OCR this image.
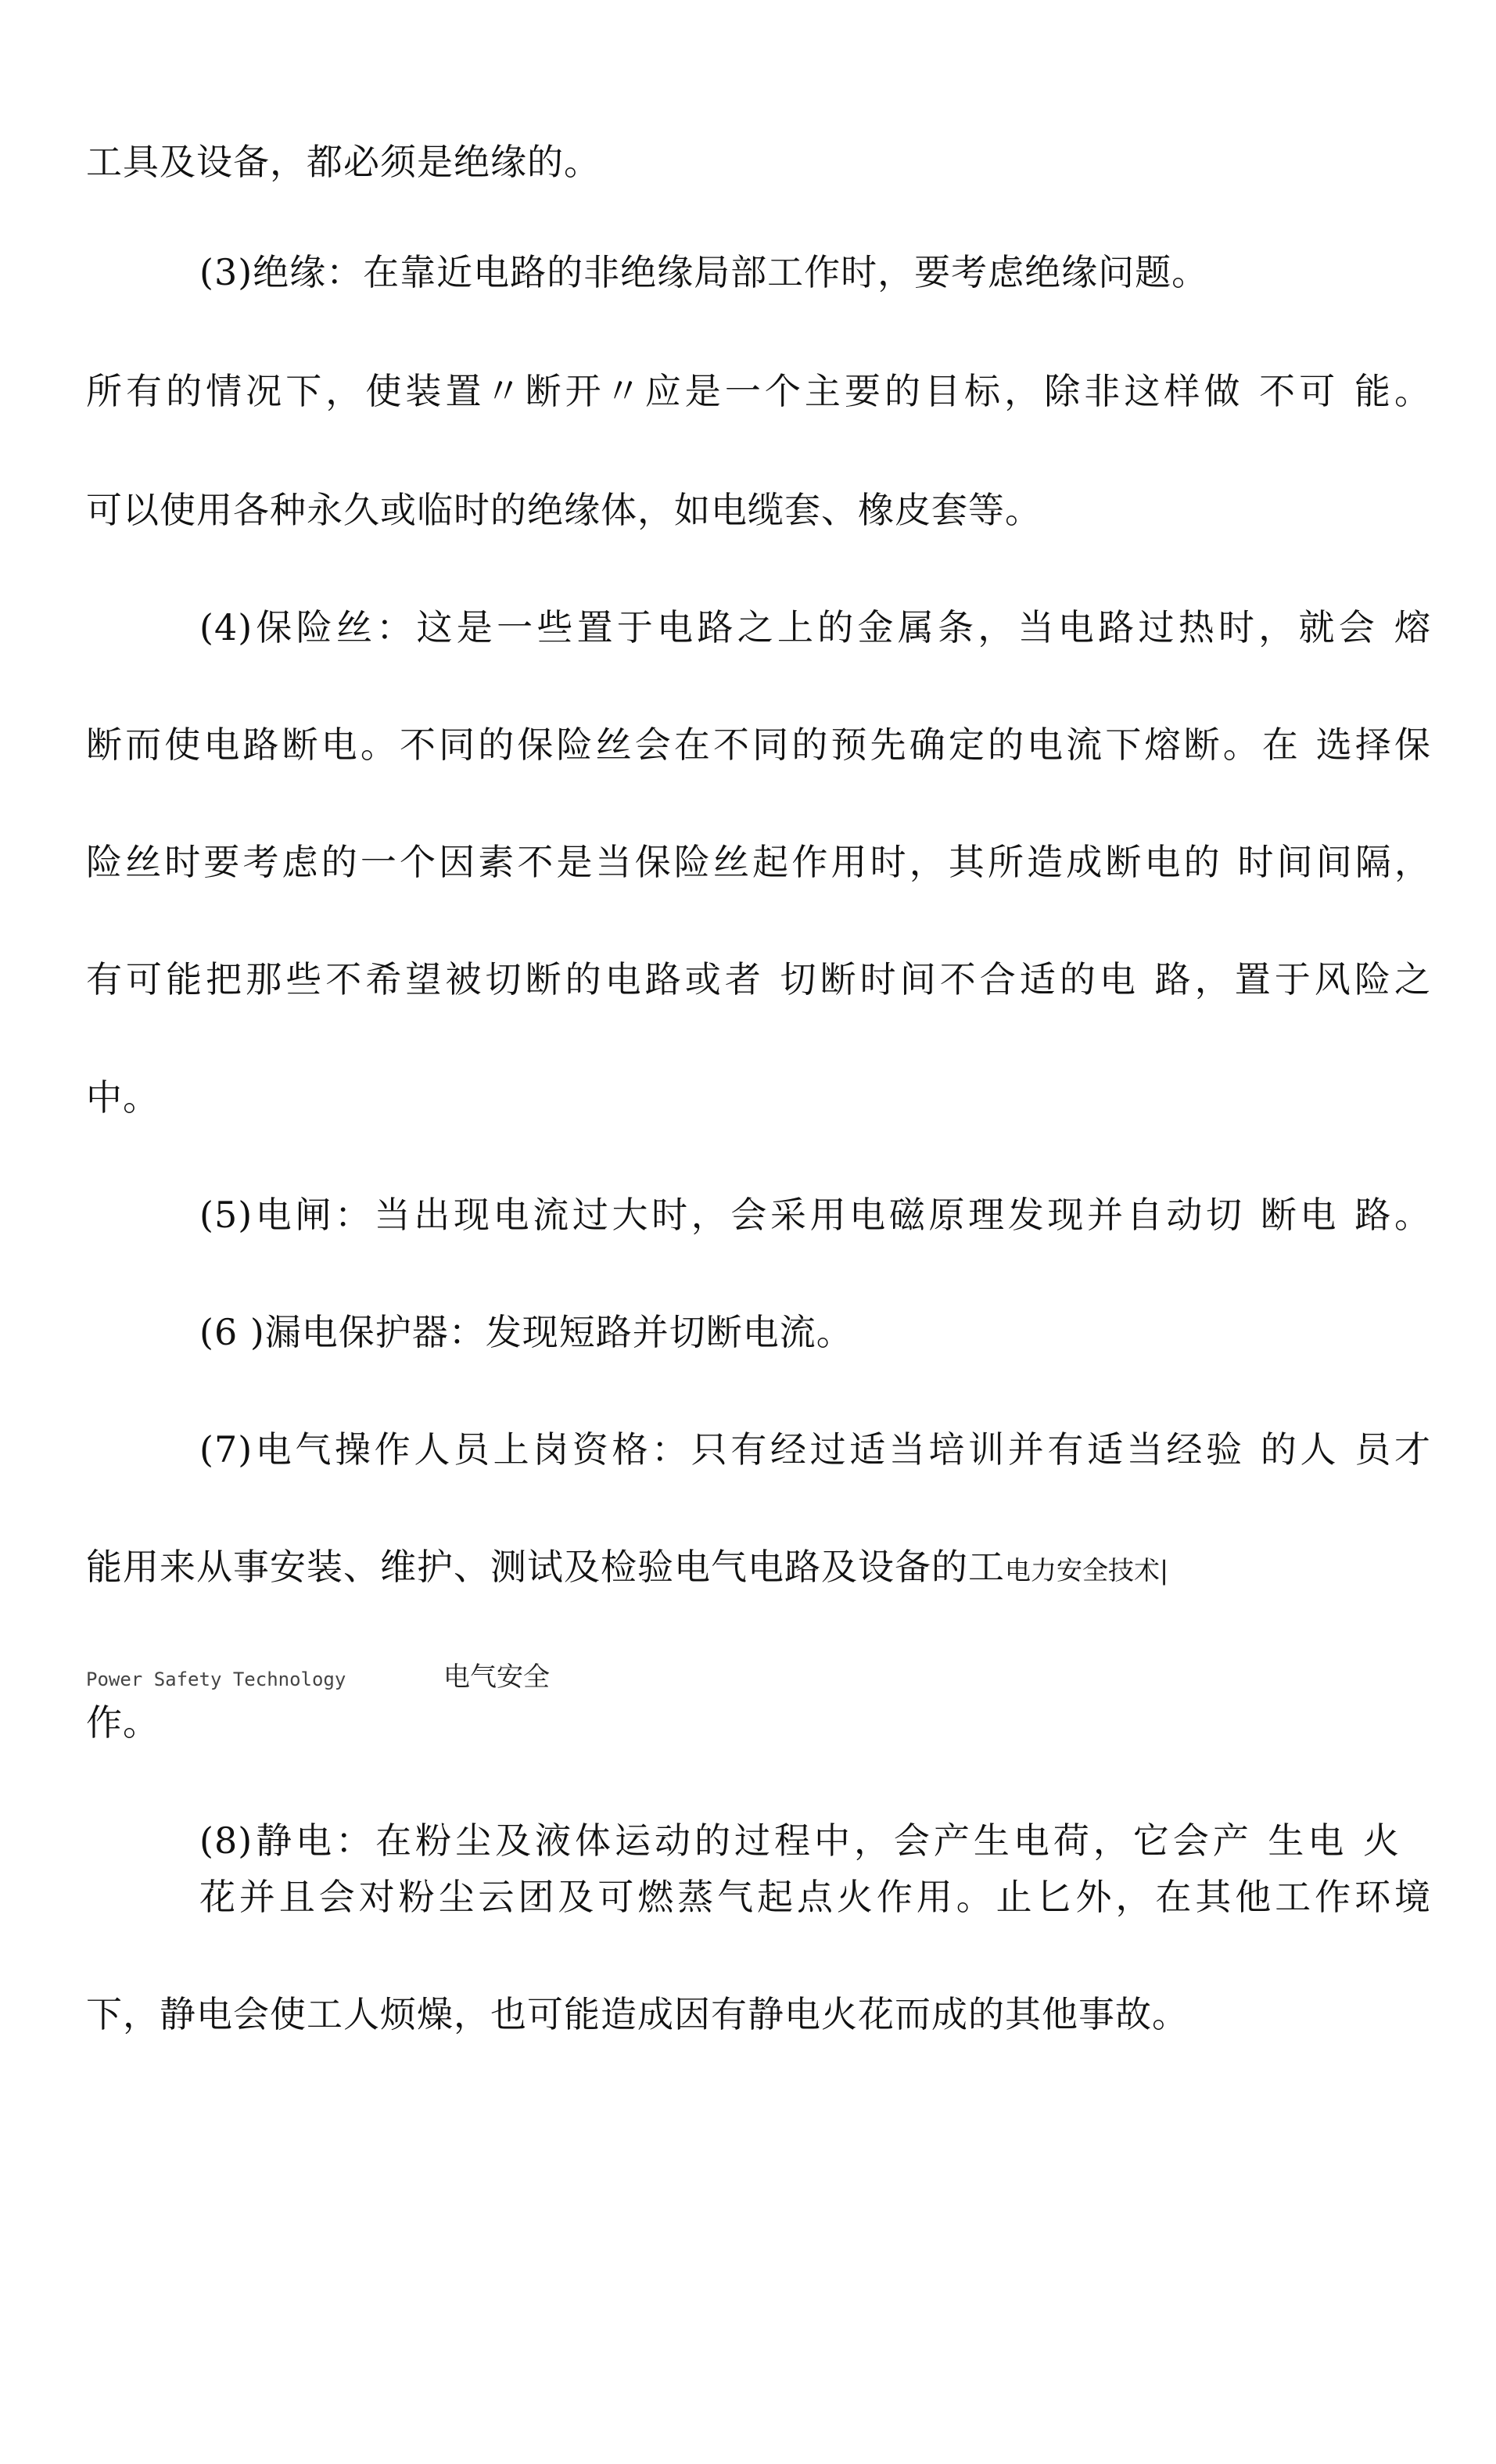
工具及设备，都必须是绝缘的。
(3)绝缘：在靠近电路的非绝缘局部工作时，要考虑绝缘问题。
所有的情况下，使装置〃断开〃应是一个主要的目标，除非这样做 不可 能。
可以使用各种永久或临时的绝缘体，如电缆套、橡皮套等。
(4)保险丝：这是一些置于电路之上的金属条，当电路过热时，就会 熔
断而使电路断电。不同的保险丝会在不同的预先确定的电流下熔断。在 选择保
险丝时要考虑的一个因素不是当保险丝起作用时，其所造成断电的 时间间隔，
有可能把那些不希望被切断的电路或者 切断时间不合适的电 路，置于风险之
中。
(5)电闸：当出现电流过大时，会采用电磁原理发现并自动切 断电 路。
(6 )漏电保护器：发现短路并切断电流。
(7)电气操作人员上岗资格：只有经过适当培训并有适当经验 的人 员才
能用来从事安装、维护、测试及检验电气电路及设备的工电力安全技术|
Power Safety Technology	电气安全
作。
(8)静电：在粉尘及液体运动的过程中，会产生电荷，它会产 生电 火
花并且会对粉尘云团及可燃蒸气起点火作用。止匕外，在其他工作环境
下，静电会使工人烦燥，也可能造成因有静电火花而成的其他事故。
